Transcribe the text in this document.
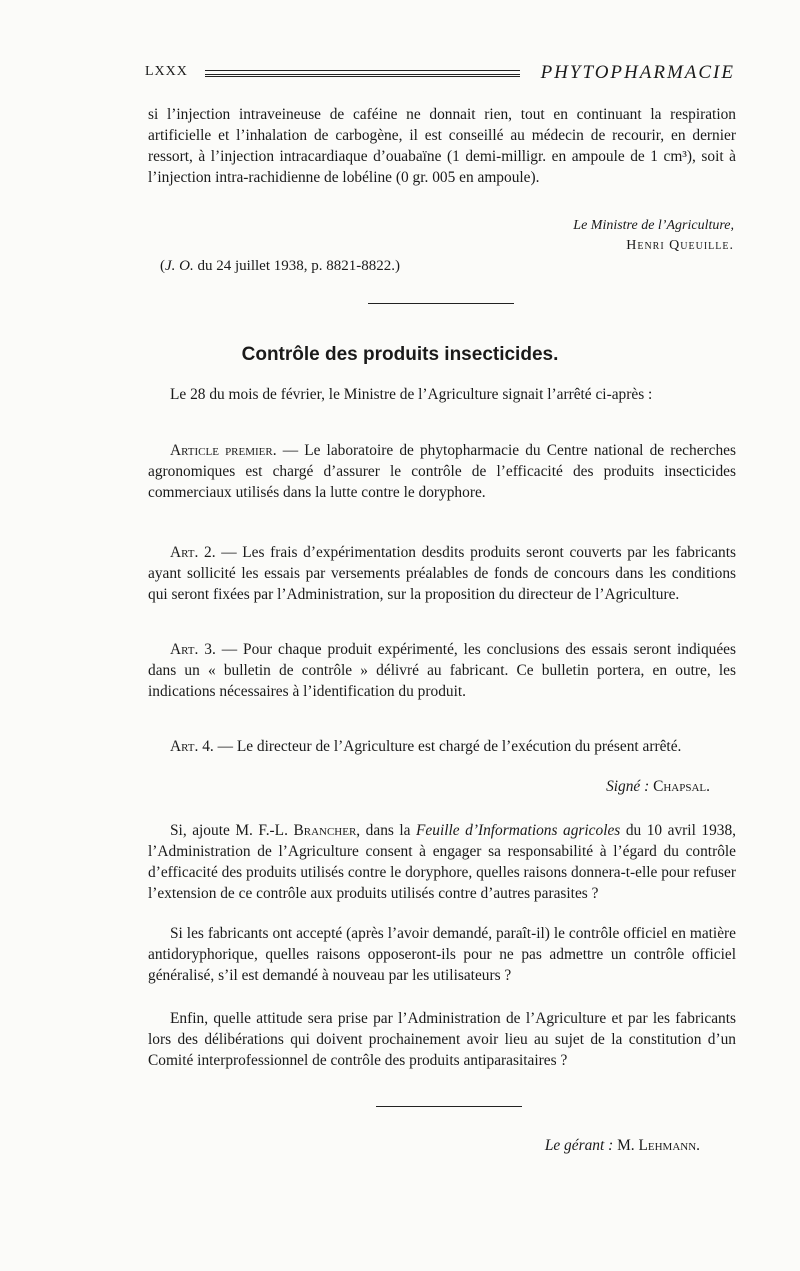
LXXX	PHYTOPHARMACIE

si l’injection intraveineuse de caféine ne donnait rien, tout en continuant la respiration artificielle et l’inhalation de carbogène, il est conseillé au médecin de recourir, en dernier ressort, à l’injection intracardiaque d’ouabaïne (1 demi-milligr. en ampoule de 1 cm³), soit à l’injection intra-rachidienne de lobéline (0 gr. 005 en ampoule).

Le Ministre de l’Agriculture,
Henri Queuille.
(J. O. du 24 juillet 1938, p. 8821-8822.)
Contrôle des produits insecticides.

Le 28 du mois de février, le Ministre de l’Agriculture signait l’arrêté ci-après :

Article premier. — Le laboratoire de phytopharmacie du Centre national de recherches agronomiques est chargé d’assurer le contrôle de l’efficacité des produits insecticides commerciaux utilisés dans la lutte contre le doryphore.

Art. 2. — Les frais d’expérimentation desdits produits seront couverts par les fabricants ayant sollicité les essais par versements préalables de fonds de concours dans les conditions qui seront fixées par l’Administration, sur la proposition du directeur de l’Agriculture.

Art. 3. — Pour chaque produit expérimenté, les conclusions des essais seront indiquées dans un « bulletin de contrôle » délivré au fabricant. Ce bulletin portera, en outre, les indications nécessaires à l’identification du produit.

Art. 4. — Le directeur de l’Agriculture est chargé de l’exécution du présent arrêté.

Signé : Chapsal.

Si, ajoute M. F.-L. Brancher, dans la Feuille d’Informations agricoles du 10 avril 1938, l’Administration de l’Agriculture consent à engager sa responsabilité à l’égard du contrôle d’efficacité des produits utilisés contre le doryphore, quelles raisons donnera-t-elle pour refuser l’extension de ce contrôle aux produits utilisés contre d’autres parasites ?

Si les fabricants ont accepté (après l’avoir demandé, paraît-il) le contrôle officiel en matière antidoryphorique, quelles raisons opposeront-ils pour ne pas admettre un contrôle officiel généralisé, s’il est demandé à nouveau par les utilisateurs ?

Enfin, quelle attitude sera prise par l’Administration de l’Agriculture et par les fabricants lors des délibérations qui doivent prochainement avoir lieu au sujet de la constitution d’un Comité interprofessionnel de contrôle des produits antiparasitaires ?

Le gérant : M. Lehmann.
